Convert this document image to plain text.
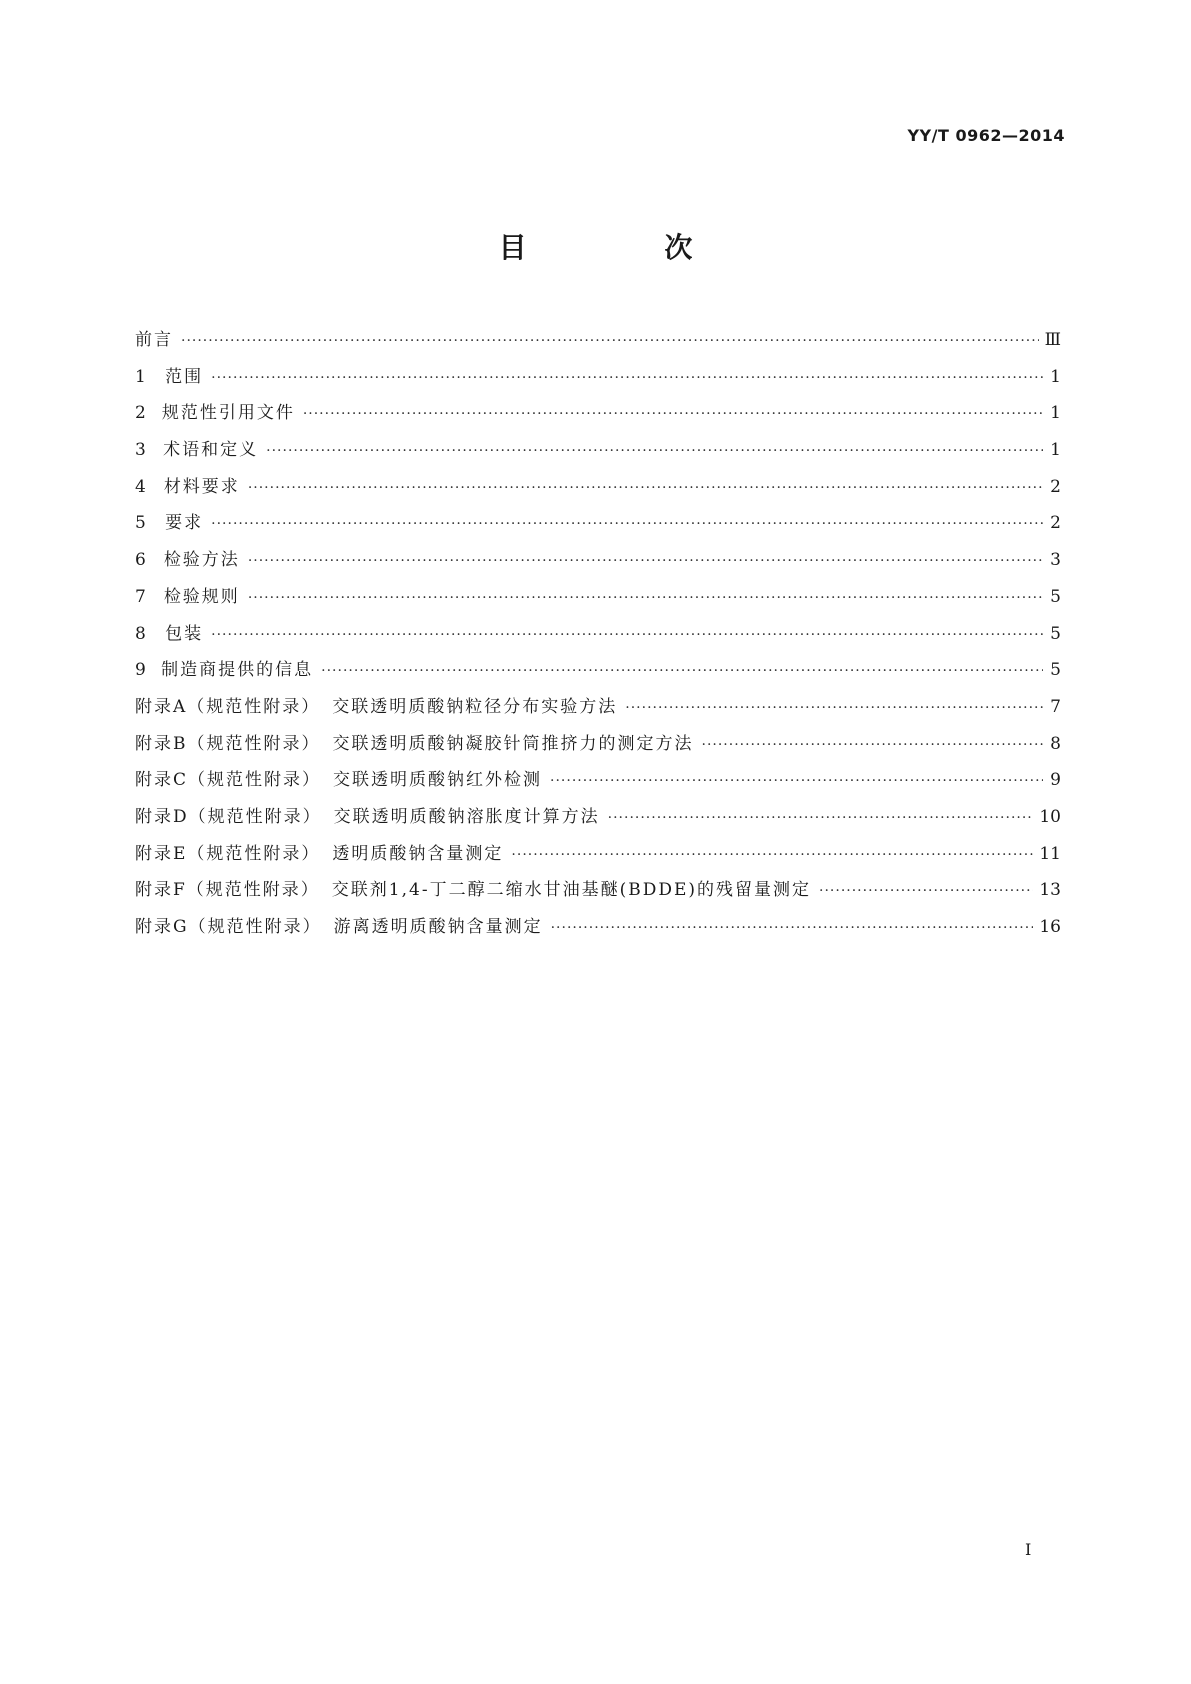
YY/T 0962—2014
目 次
前言 ·····	Ⅲ
1	范围 ·····	1
2 规范性引用文件 ·····	1
3	术语和定义 ·····	1
4	材料要求 ·····	2
5	要求 ·····	2
6	检验方法 ·····	3
7	检验规则 ·····	5
8	包装 ·····	5
9 制造商提供的信息 ·····	5
附录A（规范性附录） 交联透明质酸钠粒径分布实验方法 ·····	7
附录B（规范性附录） 交联透明质酸钠凝胶针筒推挤力的测定方法 ·····	8
附录C（规范性附录） 交联透明质酸钠红外检测 ·····	9
附录D（规范性附录） 交联透明质酸钠溶胀度计算方法 ·····	10
附录E（规范性附录） 透明质酸钠含量测定 ·····	11
附录F（规范性附录） 交联剂1,4-丁二醇二缩水甘油基醚(BDDE)的残留量测定 ·····	13
附录G（规范性附录） 游离透明质酸钠含量测定 ·····	16
I
